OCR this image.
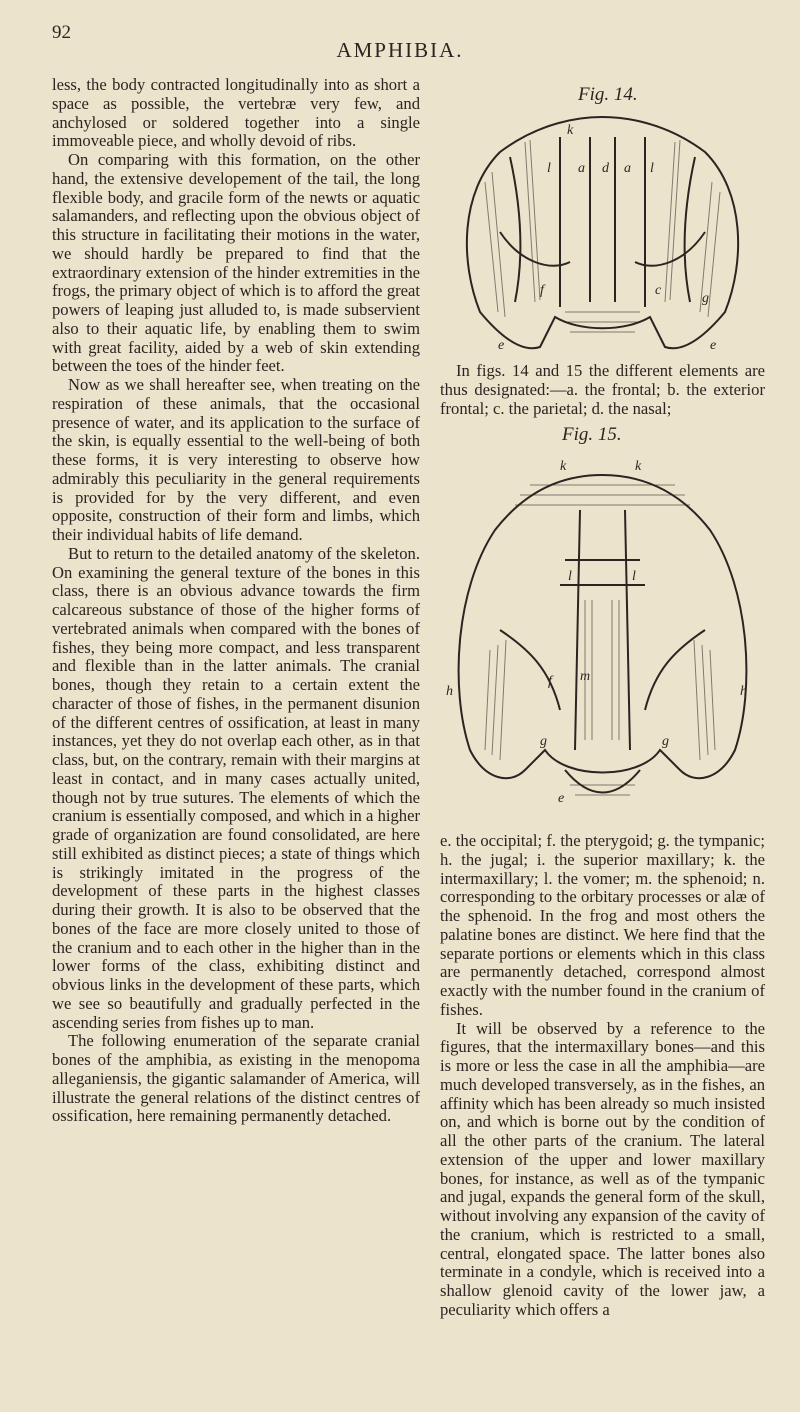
92
AMPHIBIA.

less, the body contracted longitudinally into as short a space as possible, the vertebræ very few, and anchylosed or soldered together into a single immoveable piece, and wholly devoid of ribs.

On comparing with this formation, on the other hand, the extensive developement of the tail, the long flexible body, and gracile form of the newts or aquatic salamanders, and reflecting upon the obvious object of this structure in facilitating their motions in the water, we should hardly be prepared to find that the extraordinary extension of the hinder extremities in the frogs, the primary object of which is to afford the great powers of leaping just alluded to, is made subservient also to their aquatic life, by enabling them to swim with great facility, aided by a web of skin extending between the toes of the hinder feet.

Now as we shall hereafter see, when treating on the respiration of these animals, that the occasional presence of water, and its application to the surface of the skin, is equally essential to the well-being of both these forms, it is very interesting to observe how admirably this peculiarity in the general requirements is provided for by the very different, and even opposite, construction of their form and limbs, which their individual habits of life demand.

But to return to the detailed anatomy of the skeleton. On examining the general texture of the bones in this class, there is an obvious advance towards the firm calcareous substance of those of the higher forms of vertebrated animals when compared with the bones of fishes, they being more compact, and less transparent and flexible than in the latter animals. The cranial bones, though they retain to a certain extent the character of those of fishes, in the permanent disunion of the different centres of ossification, at least in many instances, yet they do not overlap each other, as in that class, but, on the contrary, remain with their margins at least in contact, and in many cases actually united, though not by true sutures. The elements of which the cranium is essentially composed, and which in a higher grade of organization are found consolidated, are here still exhibited as distinct pieces; a state of things which is strikingly imitated in the progress of the development of these parts in the highest classes during their growth. It is also to be observed that the bones of the face are more closely united to those of the cranium and to each other in the higher than in the lower forms of the class, exhibiting distinct and obvious links in the development of these parts, which we see so beautifully and gradually perfected in the ascending series from fishes up to man.

The following enumeration of the separate cranial bones of the amphibia, as existing in the menopoma alleganiensis, the gigantic salamander of America, will illustrate the general relations of the distinct centres of ossification, here remaining permanently detached.

Fig. 14.
k
l a d a l
f	c
g
e	e

In figs. 14 and 15 the different elements are thus designated:—a. the frontal; b. the exterior frontal; c. the parietal; d. the nasal;

Fig. 15.
k	k
l	l
f m
g	g
h	h
e

e. the occipital; f. the pterygoid; g. the tympanic; h. the jugal; i. the superior maxillary; k. the intermaxillary; l. the vomer; m. the sphenoid; n. corresponding to the orbitary processes or alæ of the sphenoid. In the frog and most others the palatine bones are distinct. We here find that the separate portions or elements which in this class are permanently detached, correspond almost exactly with the number found in the cranium of fishes.

It will be observed by a reference to the figures, that the intermaxillary bones—and this is more or less the case in all the amphibia—are much developed transversely, as in the fishes, an affinity which has been already so much insisted on, and which is borne out by the condition of all the other parts of the cranium. The lateral extension of the upper and lower maxillary bones, for instance, as well as of the tympanic and jugal, expands the general form of the skull, without involving any expansion of the cavity of the cranium, which is restricted to a small, central, elongated space. The latter bones also terminate in a condyle, which is received into a shallow glenoid cavity of the lower jaw, a peculiarity which offers a
